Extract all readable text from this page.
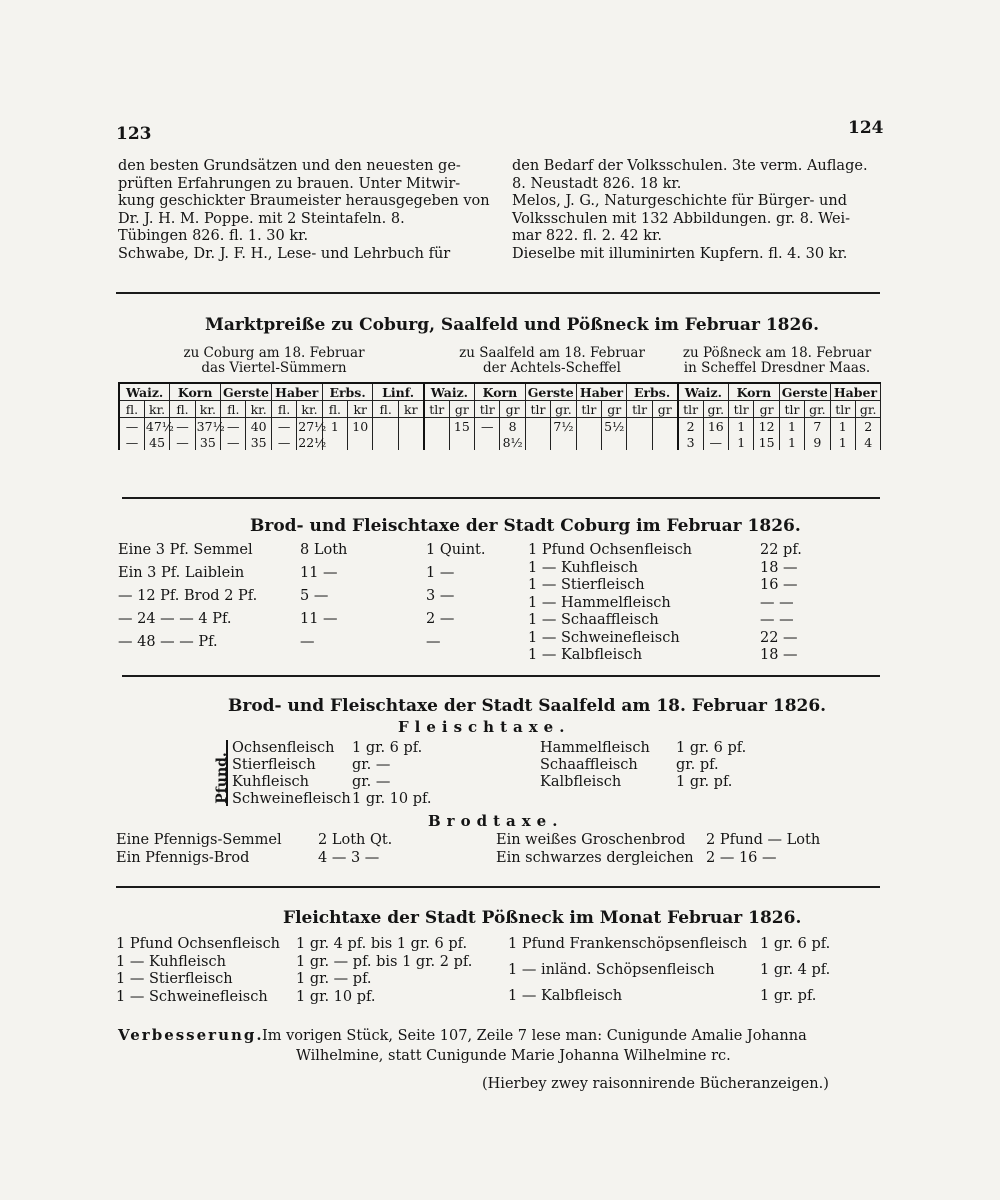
123	124
den besten Grundsätzen und den neuesten ge-
prüften Erfahrungen zu brauen. Unter Mitwir-
kung geschickter Braumeister herausgegeben von
Dr. J. H. M. Poppe. mit 2 Steintafeln. 8.
Tübingen 826. fl. 1. 30 kr.
Schwabe, Dr. J. F. H., Lese- und Lehrbuch für
den Bedarf der Volksschulen. 3te verm. Auflage.
8. Neustadt 826. 18 kr.
Melos, J. G., Naturgeschichte für Bürger- und
Volksschulen mit 132 Abbildungen. gr. 8. Wei-
mar 822. fl. 2. 42 kr.
Dieselbe mit illuminirten Kupfern. fl. 4. 30 kr.
Marktpreiße zu Coburg, Saalfeld und Pößneck im Februar 1826.
zu Coburg am 18. Februar
das Viertel-Sümmern
zu Saalfeld am 18. Februar
der Achtels-Scheffel
zu Pößneck am 18. Februar
in Scheffel Dresdner Maas.
Waiz.		Korn		Gerste		Haber		Erbs.		Linf.		Waiz.		Korn		Gerste		Haber		Erbs.		Waiz.		Korn		Gerste		Haber	
fl.	kr.	fl.	kr.	fl.	kr.	fl.	kr.	fl.	kr	fl.	kr	tlr	gr	tlr	gr	tlr	gr.	tlr	gr	tlr	gr	tlr	gr.	tlr	gr	tlr	gr.	tlr	gr.
—	47½	—	37½	—	40	—	27½	1	10				15	—	8		7½		5½			2	16	1	12	1	7	1	2
—	45	—	35	—	35	—	22½								8½							3	—	1	15	1	9	1	4
Brod- und Fleischtaxe der Stadt Coburg im Februar 1826.
Eine 3 Pf. Semmel	8 Loth	1 Quint.
Ein 3 Pf. Laiblein	11 —	1 —
— 12 Pf. Brod 2 Pf.	5 —	3 —
— 24 — — 4 Pf.	11 —	2 —
— 48 — — Pf.	—	—
1 Pfund Ochsenfleisch	22 pf.
1 — Kuhfleisch	18 —
1 — Stierfleisch	16 —
1 — Hammelfleisch	— —
1 — Schaaffleisch	— —
1 — Schweinefleisch	22 —
1 — Kalbfleisch	18 —
Brod- und Fleischtaxe der Stadt Saalfeld am 18. Februar 1826.
Fleischtaxe.
Pfund.
Ochsenfleisch 1 gr. 6 pf.
Stierfleisch	gr. —
Kuhfleisch	gr. —
Schweinefleisch 1 gr. 10 pf.
Hammelfleisch 1 gr. 6 pf.
Schaaffleisch	gr. pf.
Kalbfleisch	1 gr. pf.
Brodtaxe.
Eine Pfennigs-Semmel	2 Loth Qt.	Ein weißes Groschenbrod 2 Pfund — Loth
Ein Pfennigs-Brod	4 — 3 —	Ein schwarzes dergleichen 2 — 16 —
Fleichtaxe der Stadt Pößneck im Monat Februar 1826.
1 Pfund Ochsenfleisch 1 gr. 4 pf. bis 1 gr. 6 pf.
1 — Kuhfleisch	1 gr. — pf. bis 1 gr. 2 pf.
1 — Stierfleisch	1 gr. — pf.
1 — Schweinefleisch 1 gr. 10 pf.
1 Pfund Frankenschöpsenfleisch 1 gr. 6 pf.
1 — inländ. Schöpsenfleisch	1 gr. 4 pf.
1 — Kalbfleisch	1 gr. pf.
Verbesserung.
Im vorigen Stück, Seite 107, Zeile 7 lese man: Cunigunde Amalie Johanna
Wilhelmine, statt Cunigunde Marie Johanna Wilhelmine rc.
(Hierbey zwey raisonnirende Bücheranzeigen.)
